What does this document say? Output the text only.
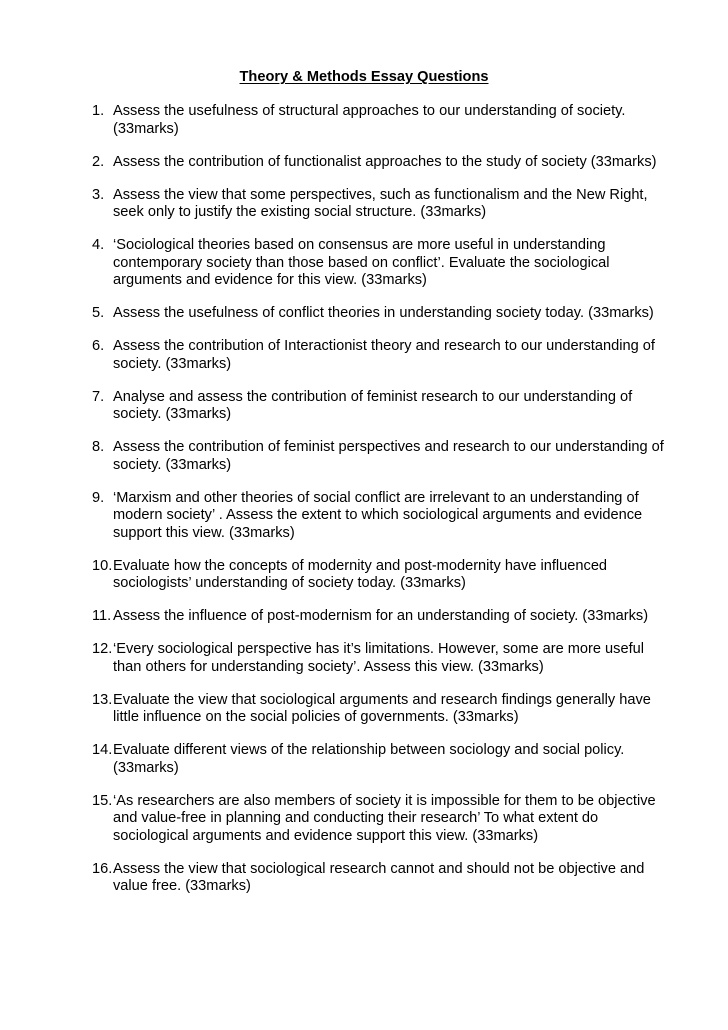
Theory & Methods Essay Questions
1. Assess the usefulness of structural approaches to our understanding of society. (33marks)
2. Assess the contribution of functionalist approaches to the study of society (33marks)
3. Assess the view that some perspectives, such as functionalism and the New Right, seek only to justify the existing social structure. (33marks)
4. ‘Sociological theories based on consensus are more useful in understanding contemporary society than those based on conflict’. Evaluate the sociological arguments and evidence for this view. (33marks)
5. Assess the usefulness of conflict theories in understanding society today. (33marks)
6. Assess the contribution of Interactionist theory and research to our understanding of society. (33marks)
7. Analyse and assess the contribution of feminist research to our understanding of society. (33marks)
8. Assess the contribution of feminist perspectives and research to our understanding of society. (33marks)
9. ‘Marxism and other theories of social conflict are irrelevant to an understanding of modern society’ . Assess the extent to which sociological arguments and evidence support this view. (33marks)
10. Evaluate how the concepts of modernity and post-modernity have influenced sociologists’ understanding of society today. (33marks)
11. Assess the influence of post-modernism for an understanding of society. (33marks)
12. ‘Every sociological perspective has it’s limitations. However, some are more useful than others for understanding society’. Assess this view. (33marks)
13. Evaluate the view that sociological arguments and research findings generally have little influence on the social policies of governments. (33marks)
14. Evaluate different views of the relationship between sociology and social policy. (33marks)
15. ‘As researchers are also members of society it is impossible for them to be objective and value-free in planning and conducting their research’ To what extent do sociological arguments and evidence support this view. (33marks)
16. Assess the view that sociological research cannot and should not be objective and value free. (33marks)
